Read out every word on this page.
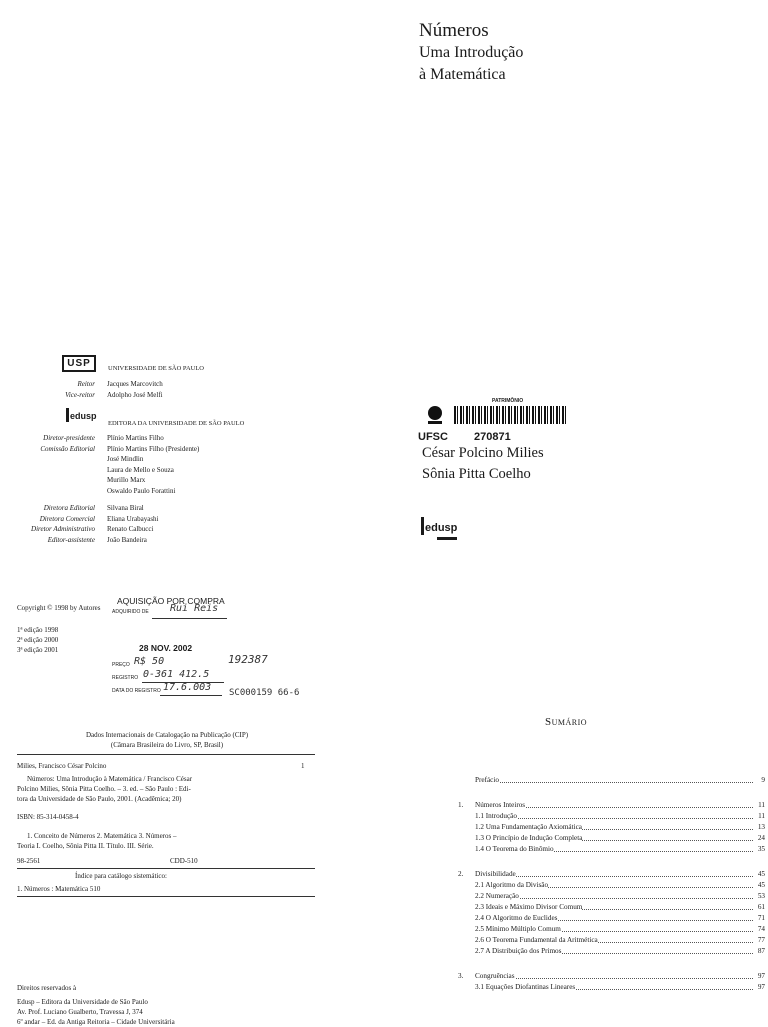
Números
Uma Introdução
à Matemática
USP	UNIVERSIDADE DE SÃO PAULO
Reitor Jacques Marcovitch
Vice-reitor Adolpho José Melfi
edusp
EDITORA DA UNIVERSIDADE DE SÃO PAULO
Diretor-presidente Plínio Martins Filho
Comissão Editorial Plínio Martins Filho (Presidente)
José Mindlin
Laura de Mello e Souza
Murillo Marx
Oswaldo Paulo Forattini
Diretora Editorial Silvana Biral
Diretora Comercial Eliana Urabayashi
Diretor Administrativo Renato Calbucci
Editor-assistente João Bandeira
PATRIMÔNIO
UFSC 270871
César Polcino Milies
Sônia Pitta Coelho
edusp
Copyright © 1998 by Autores
1ª edição 1998
2ª edição 2000
3ª edição 2001
AQUISIÇÃO POR COMPRA
ADQUIRIDO DE Rui Reis
28 NOV. 2002
PREÇO R$ 50
REGISTRO 0-361 412.5
DATA DO REGISTRO 17.6.003
192387
SC000159 66-6
Dados Internacionais de Catalogação na Publicação (CIP)
(Câmara Brasileira do Livro, SP, Brasil)
Milies, Francisco César Polcino	1
Números: Uma Introdução à Matemática / Francisco César
Polcino Milies, Sônia Pitta Coelho. – 3. ed. – São Paulo : Edi-
tora da Universidade de São Paulo, 2001. (Acadêmica; 20)
ISBN: 85-314-0458-4
1. Conceito de Números 2. Matemática 3. Números –
Teoria I. Coelho, Sônia Pitta II. Título. III. Série.
98-2561	CDD-510
Índice para catálogo sistemático:
1. Números : Matemática 510
Direitos reservados à
Edusp – Editora da Universidade de São Paulo
Av. Prof. Luciano Gualberto, Travessa J, 374
6º andar – Ed. da Antiga Reitoria – Cidade Universitária
Sumário
Prefácio	9
1. Números Inteiros	11
1.1 Introdução	11
1.2 Uma Fundamentação Axiomática	13
1.3 O Princípio de Indução Completa	24
1.4 O Teorema do Binômio	35
2. Divisibilidade	45
2.1 Algoritmo da Divisão	45
2.2 Numeração	53
2.3 Ideais e Máximo Divisor Comum	61
2.4 O Algoritmo de Euclides	71
2.5 Mínimo Múltiplo Comum	74
2.6 O Teorema Fundamental da Aritmética	77
2.7 A Distribuição dos Primos	87
3. Congruências	97
3.1 Equações Diofantinas Lineares	97
